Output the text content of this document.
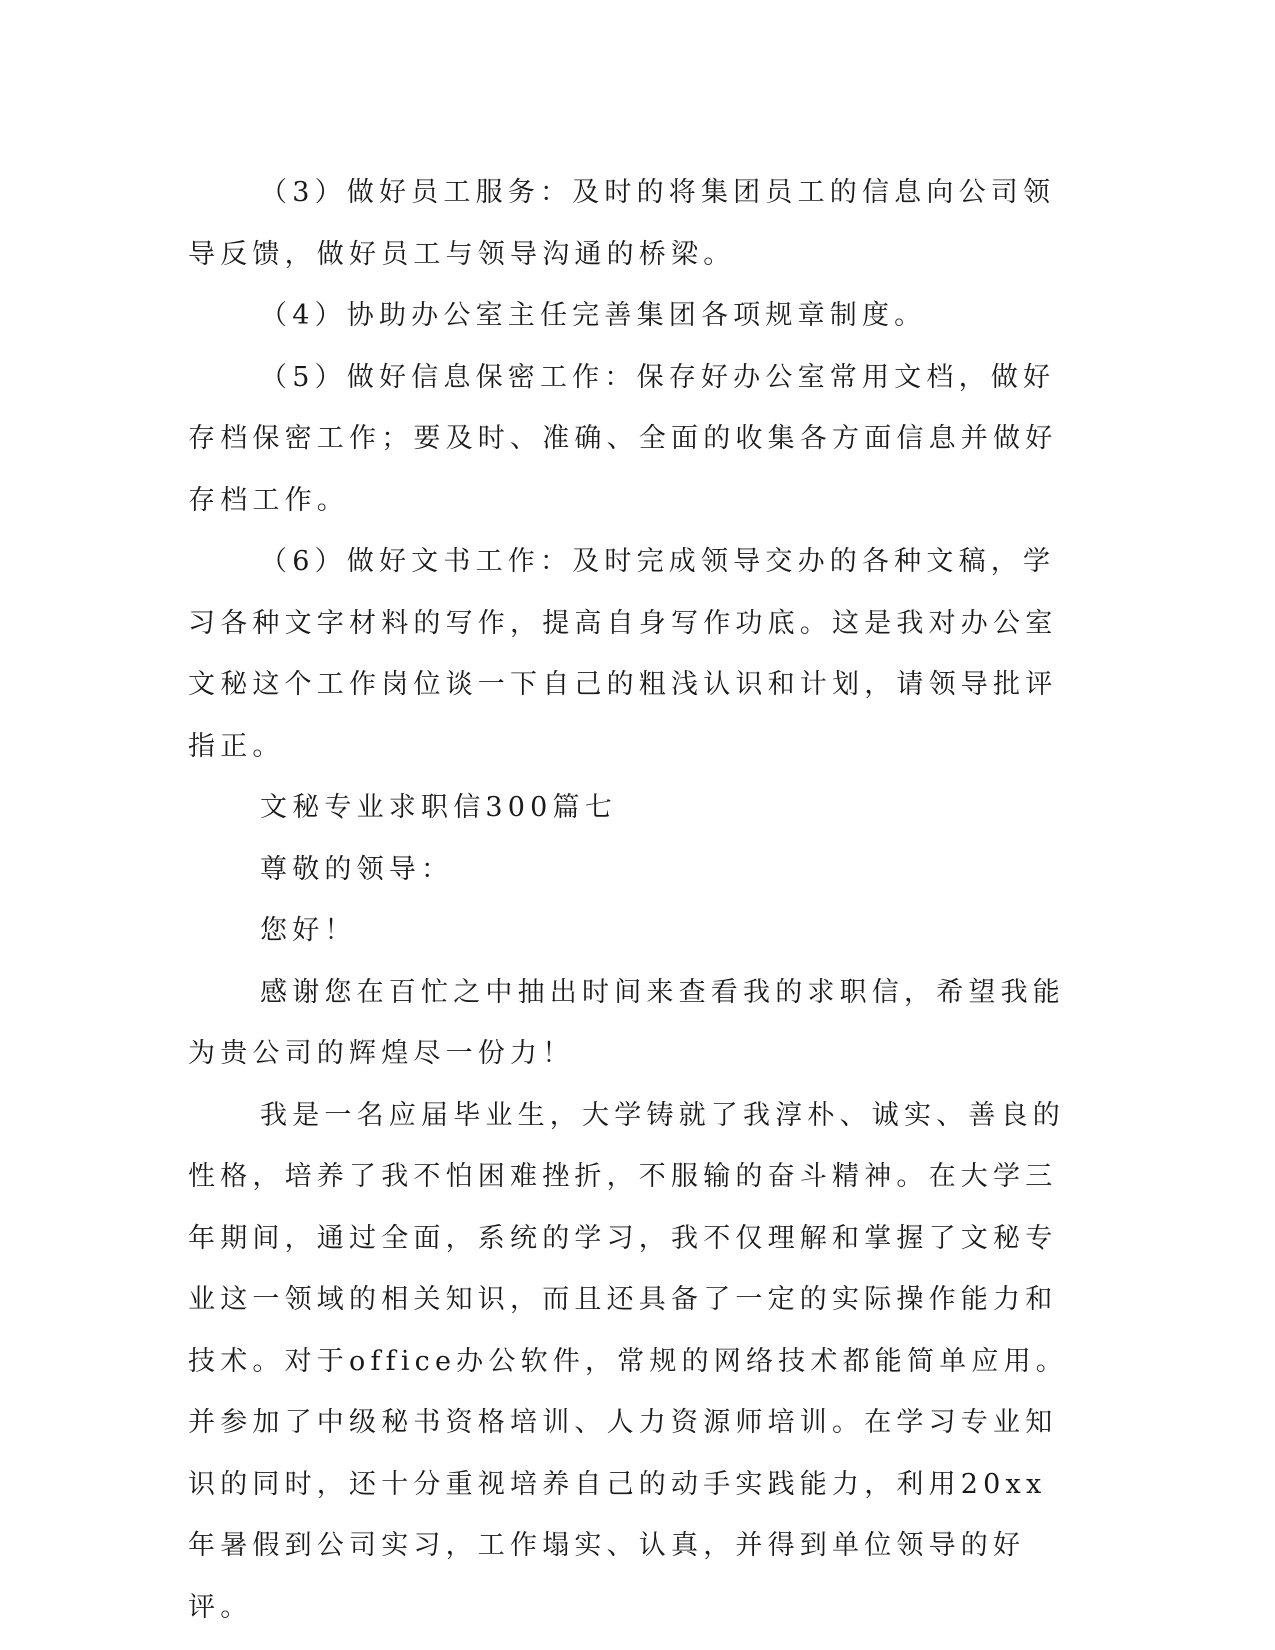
（3）做好员工服务：及时的将集团员工的信息向公司领导反馈，做好员工与领导沟通的桥梁。

（4）协助办公室主任完善集团各项规章制度。

（5）做好信息保密工作：保存好办公室常用文档，做好存档保密工作；要及时、准确、全面的收集各方面信息并做好存档工作。

（6）做好文书工作：及时完成领导交办的各种文稿，学习各种文字材料的写作，提高自身写作功底。这是我对办公室文秘这个工作岗位谈一下自己的粗浅认识和计划，请领导批评指正。

文秘专业求职信300篇七

尊敬的领导：

您好！

感谢您在百忙之中抽出时间来查看我的求职信，希望我能为贵公司的辉煌尽一份力！

我是一名应届毕业生，大学铸就了我淳朴、诚实、善良的性格，培养了我不怕困难挫折，不服输的奋斗精神。在大学三年期间，通过全面，系统的学习，我不仅理解和掌握了文秘专业这一领域的相关知识，而且还具备了一定的实际操作能力和技术。对于office办公软件，常规的网络技术都能简单应用。并参加了中级秘书资格培训、人力资源师培训。在学习专业知识的同时，还十分重视培养自己的动手实践能力，利用20xx年暑假到公司实习，工作塌实、认真，并得到单位领导的好评。
